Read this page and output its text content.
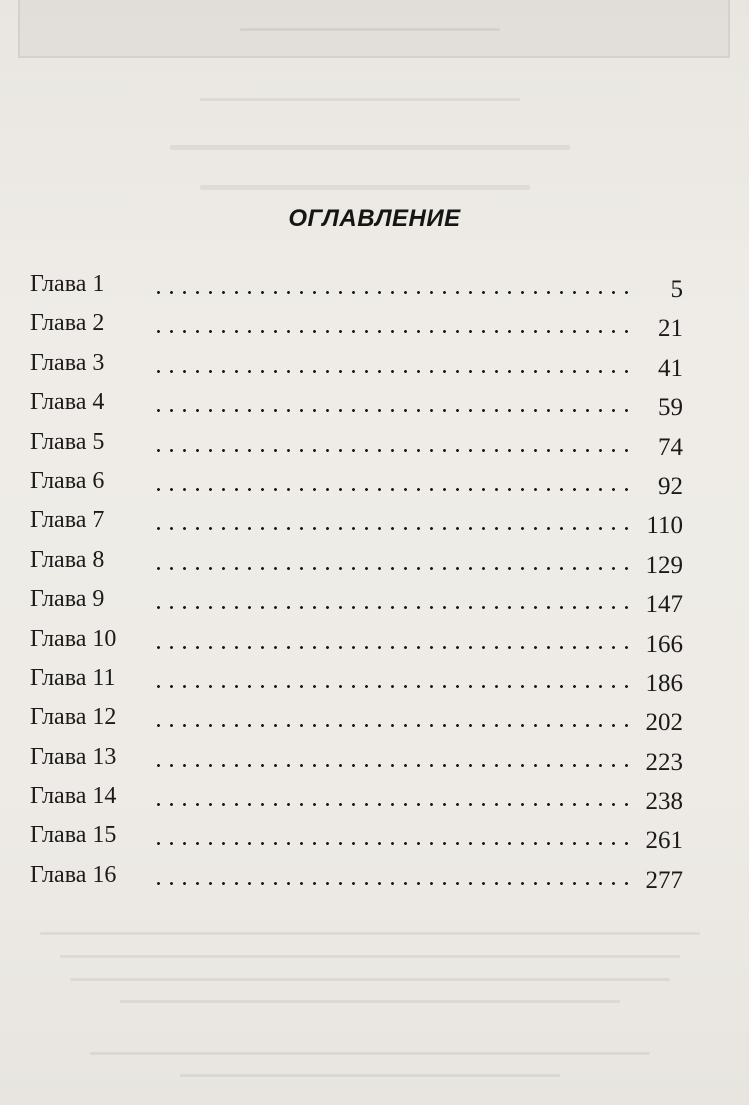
ОГЛАВЛЕНИЕ
Глава 1	5
Глава 2	21
Глава 3	41
Глава 4	59
Глава 5	74
Глава 6	92
Глава 7	110
Глава 8	129
Глава 9	147
Глава 10	166
Глава 11	186
Глава 12	202
Глава 13	223
Глава 14	238
Глава 15	261
Глава 16	277
